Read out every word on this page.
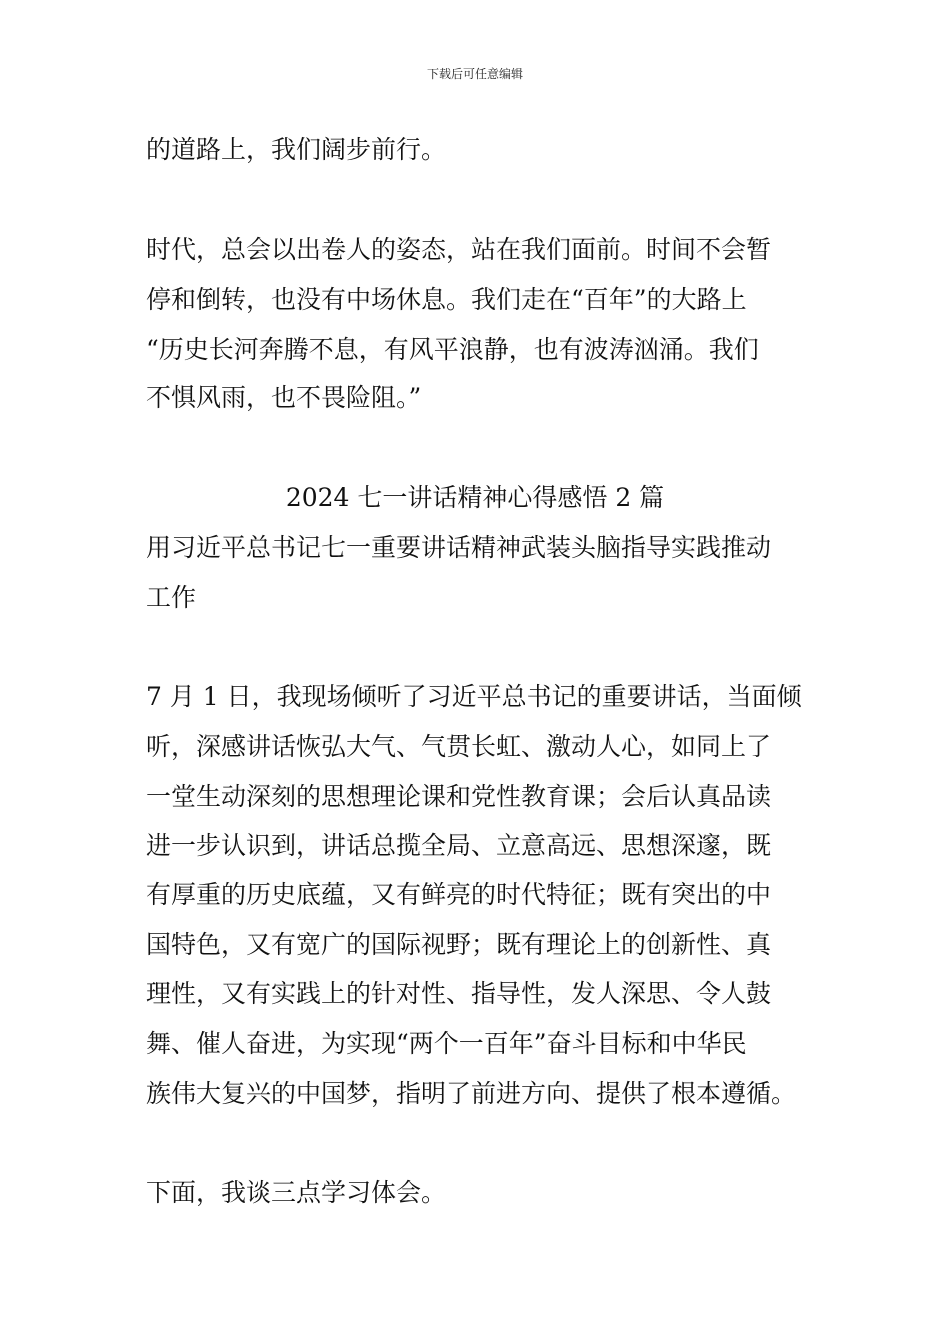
下载后可任意编辑
的道路上，我们阔步前行。
时代，总会以出卷人的姿态，站在我们面前。时间不会暂
停和倒转，也没有中场休息。我们走在“百年”的大路上
“历史长河奔腾不息，有风平浪静，也有波涛汹涌。我们
不惧风雨，也不畏险阻。”
2024 七一讲话精神心得感悟 2 篇
用习近平总书记七一重要讲话精神武装头脑指导实践推动
工作
7 月 1 日，我现场倾听了习近平总书记的重要讲话，当面倾
听，深感讲话恢弘大气、气贯长虹、激动人心，如同上了
一堂生动深刻的思想理论课和党性教育课；会后认真品读
进一步认识到，讲话总揽全局、立意高远、思想深邃，既
有厚重的历史底蕴，又有鲜亮的时代特征；既有突出的中
国特色，又有宽广的国际视野；既有理论上的创新性、真
理性，又有实践上的针对性、指导性，发人深思、令人鼓
舞、催人奋进，为实现“两个一百年”奋斗目标和中华民
族伟大复兴的中国梦，指明了前进方向、提供了根本遵循。
下面，我谈三点学习体会。
